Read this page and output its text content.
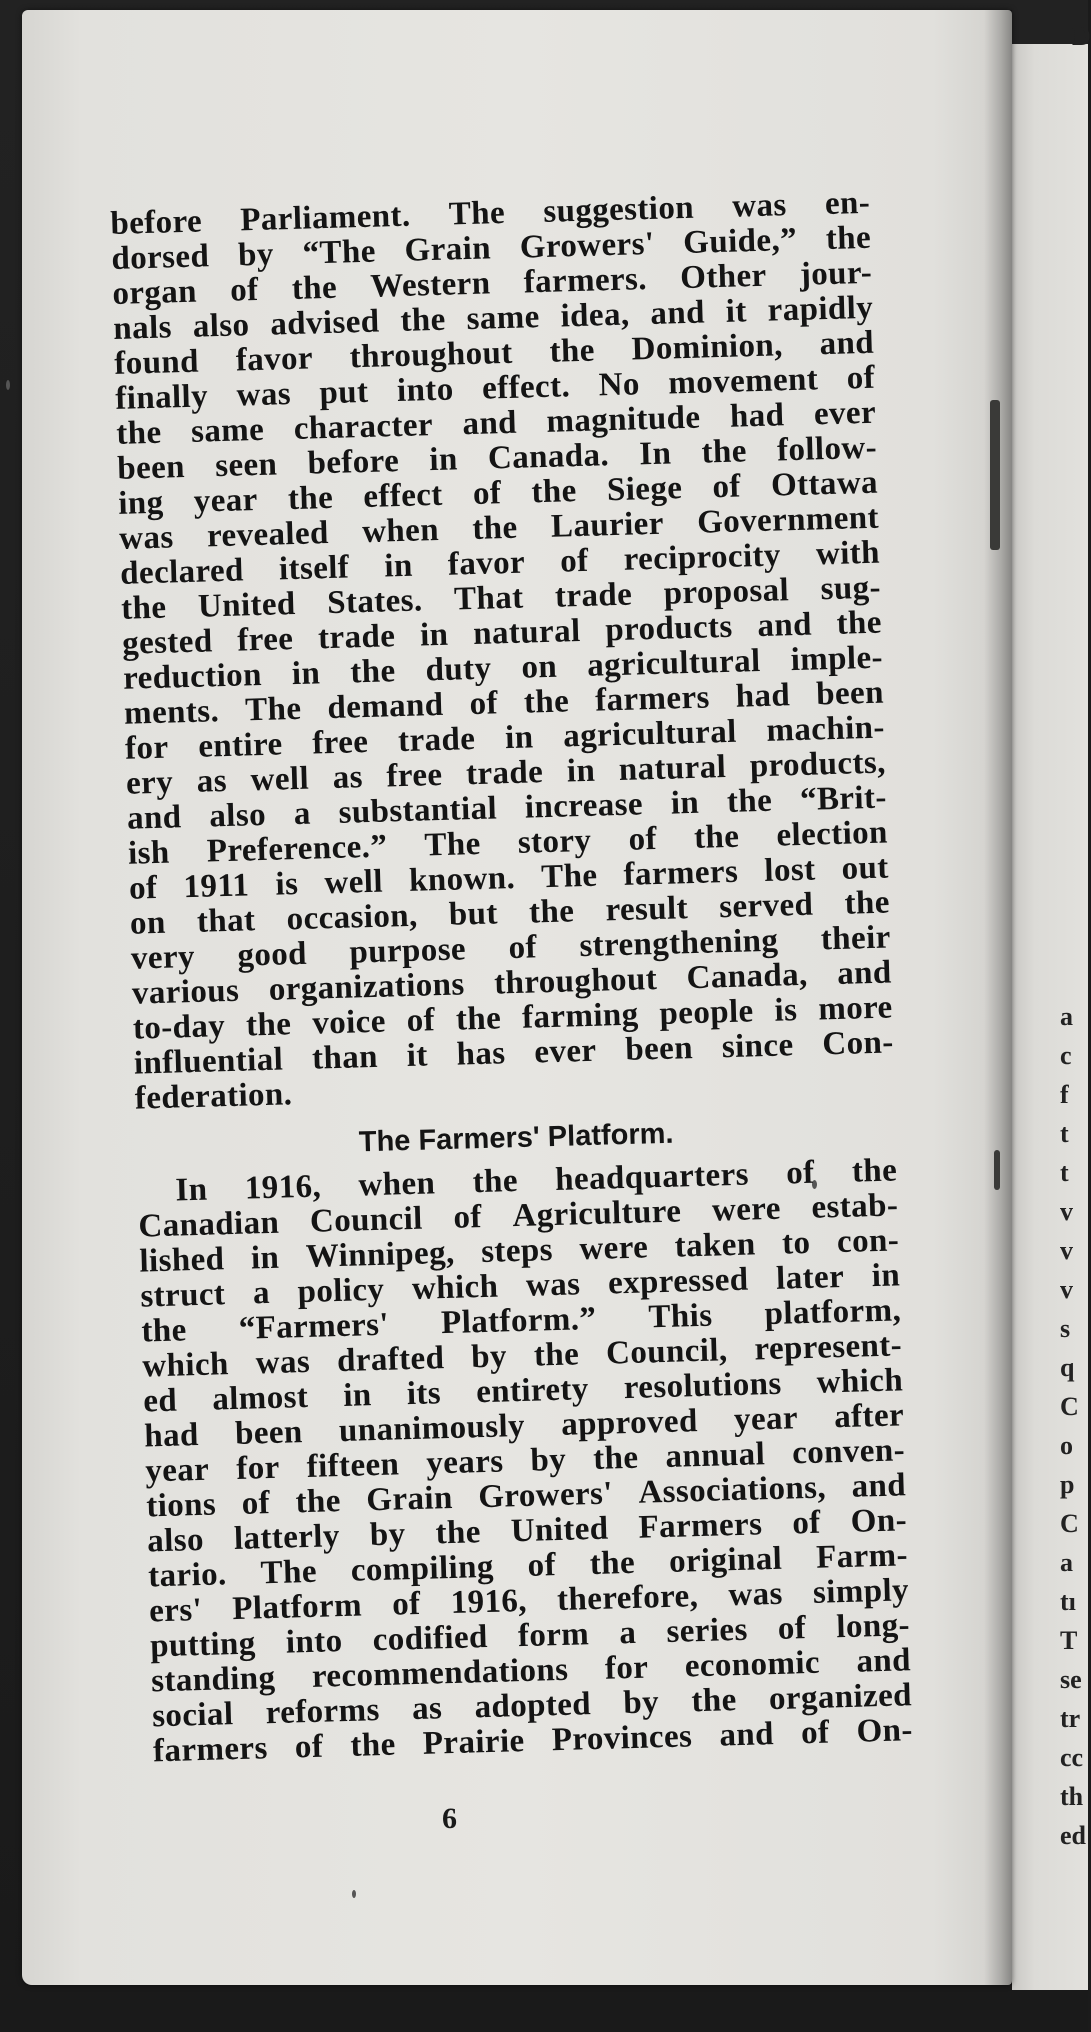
D
a
c
f
t
t
v
v
v
s
q
C
o
p
C
a
tı
T
se
tr
cc
th
ed
before Parliament. The suggestion was en-
dorsed by “The Grain Growers' Guide,” the
organ of the Western farmers. Other jour-
nals also advised the same idea, and it rapidly
found favor throughout the Dominion, and
finally was put into effect. No movement of
the same character and magnitude had ever
been seen before in Canada. In the follow-
ing year the effect of the Siege of Ottawa
was revealed when the Laurier Government
declared itself in favor of reciprocity with
the United States. That trade proposal sug-
gested free trade in natural products and the
reduction in the duty on agricultural imple-
ments. The demand of the farmers had been
for entire free trade in agricultural machin-
ery as well as free trade in natural products,
and also a substantial increase in the “Brit-
ish Preference.” The story of the election
of 1911 is well known. The farmers lost out
on that occasion, but the result served the
very good purpose of strengthening their
various organizations throughout Canada, and
to-day the voice of the farming people is more
influential than it has ever been since Con-
federation.
The Farmers' Platform.
In 1916, when the headquarters of the
Canadian Council of Agriculture were estab-
lished in Winnipeg, steps were taken to con-
struct a policy which was expressed later in
the “Farmers' Platform.” This platform,
which was drafted by the Council, represent-
ed almost in its entirety resolutions which
had been unanimously approved year after
year for fifteen years by the annual conven-
tions of the Grain Growers' Associations, and
also latterly by the United Farmers of On-
tario. The compiling of the original Farm-
ers' Platform of 1916, therefore, was simply
putting into codified form a series of long-
standing recommendations for economic and
social reforms as adopted by the organized
farmers of the Prairie Provinces and of On-
6
